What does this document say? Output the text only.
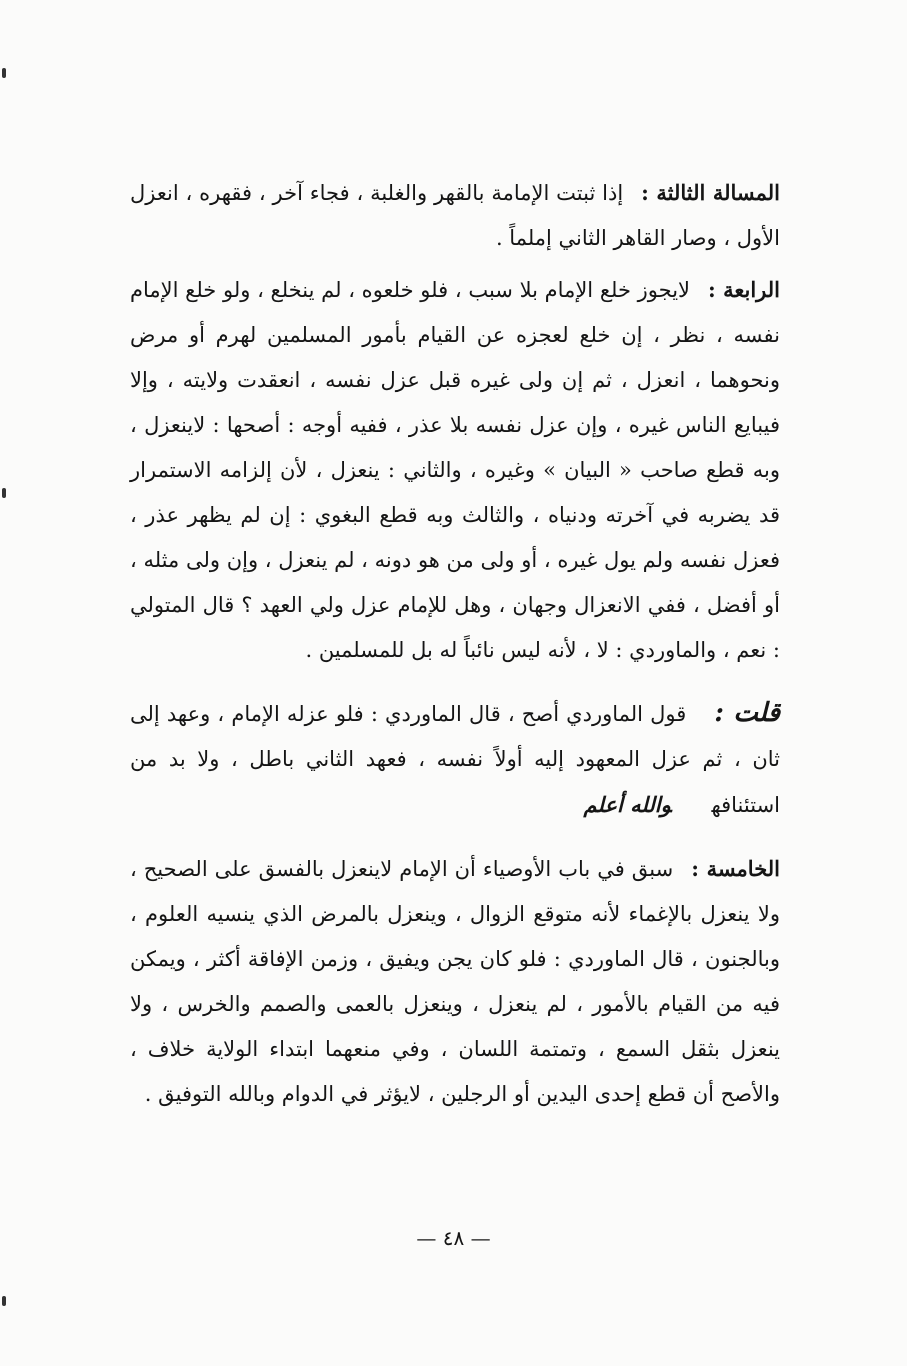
المسالة الثالثة :إذا ثبتت الإمامة بالقهر والغلبة ، فجاء آخر ، فقهره ، انعزل الأول ، وصار القاهر الثاني إملماً .

الرابعة :لايجوز خلع الإمام بلا سبب ، فلو خلعوه ، لم ينخلع ، ولو خلع الإمام نفسه ، نظر ، إن خلع لعجزه عن القيام بأمور المسلمين لهرم أو مرض ونحوهما ، انعزل ، ثم إن ولى غيره قبل عزل نفسه ، انعقدت ولايته ، وإلا فيبايع الناس غيره ، وإن عزل نفسه بلا عذر ، ففيه أوجه : أصحها : لاينعزل ، وبه قطع صاحب « البيان » وغيره ، والثاني : ينعزل ، لأن إلزامه الاستمرار قد يضربه في آخرته ودنياه ، والثالث وبه قطع البغوي : إن لم يظهر عذر ، فعزل نفسه ولم يول غيره ، أو ولى من هو دونه ، لم ينعزل ، وإن ولى مثله ، أو أفضل ، ففي الانعزال وجهان ، وهل للإمام عزل ولي العهد ؟ قال المتولي : نعم ، والماوردي : لا ، لأنه ليس نائباً له بل للمسلمين .

قلت :قول الماوردي أصح ، قال الماوردي : فلو عزله الإمام ، وعهد إلى ثان ، ثم عزل المعهود إليه أولاً نفسه ، فعهد الثاني باطل ، ولا بد من استئنافهوالله أعلم

الخامسة :سبق في باب الأوصياء أن الإمام لاينعزل بالفسق على الصحيح ، ولا ينعزل بالإغماء لأنه متوقع الزوال ، وينعزل بالمرض الذي ينسيه العلوم ، وبالجنون ، قال الماوردي : فلو كان يجن ويفيق ، وزمن الإفاقة أكثر ، ويمكن فيه من القيام بالأمور ، لم ينعزل ، وينعزل بالعمى والصمم والخرس ، ولا ينعزل بثقل السمع ، وتمتمة اللسان ، وفي منعهما ابتداء الولاية خلاف ، والأصح أن قطع إحدى اليدين أو الرجلين ، لايؤثر في الدوام وبالله التوفيق .

— ٤٨ —
